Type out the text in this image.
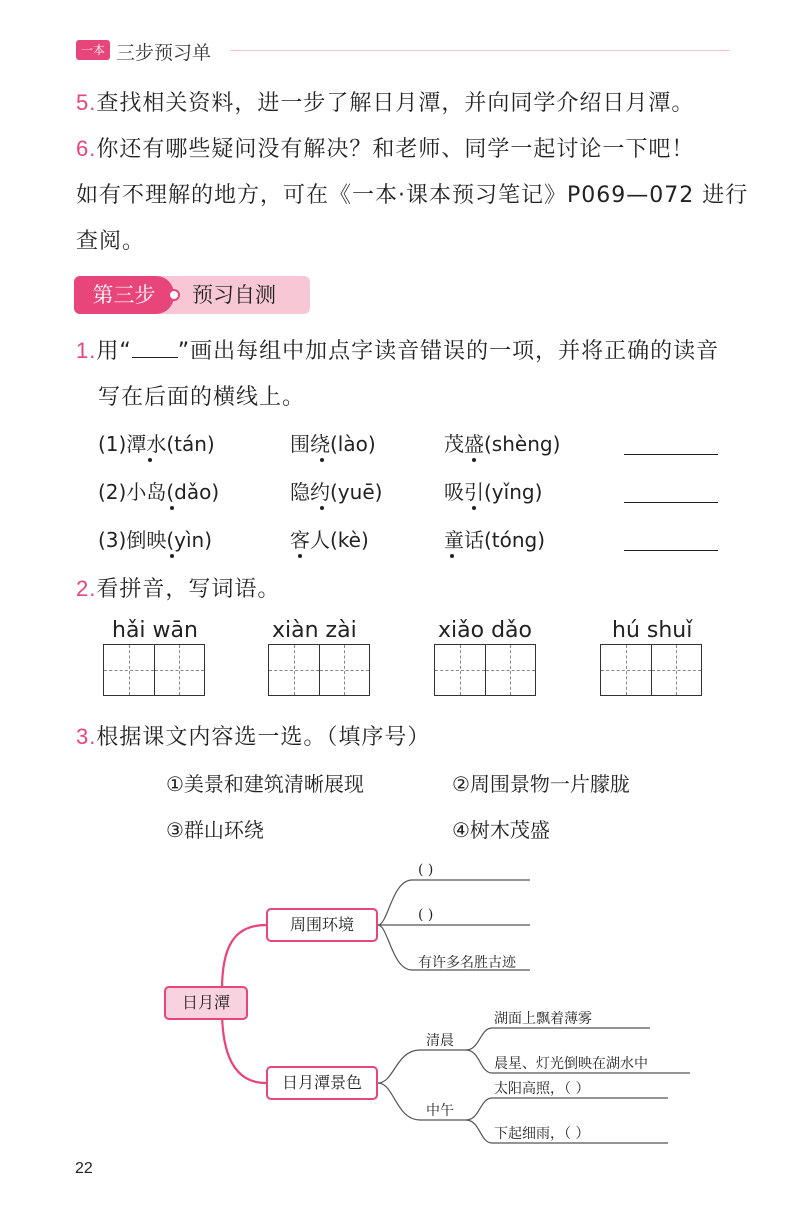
一本 三步预习单
5.查找相关资料，进一步了解日月潭，并向同学介绍日月潭。
6.你还有哪些疑问没有解决？和老师、同学一起讨论一下吧！
如有不理解的地方，可在《一本·课本预习笔记》P069—072 进行
查阅。
第三步	预习自测
1.用“ ”画出每组中加点字读音错误的一项，并将正确的读音
写在后面的横线上。
(1)潭水(tán)	围绕(lào)	茂盛(shèng)
(2)小岛(dǎo)	隐约(yuē)	吸引(yǐng)
(3)倒映(yìn)	客人(kè)	童话(tóng)
2.看拼音，写词语。
hǎi wān	xiàn zài	xiǎo dǎo	hú shuǐ
3.根据课文内容选一选。（填序号）
①美景和建筑清晰展现	②周围景物一片朦胧
③群山环绕	④树木茂盛
日月潭
周围环境
日月潭景色
( )
( )
有许多名胜古迹
清晨
中午
湖面上飘着薄雾
晨星、灯光倒映在湖水中
太阳高照，（ ）
下起细雨，（ ）
22
